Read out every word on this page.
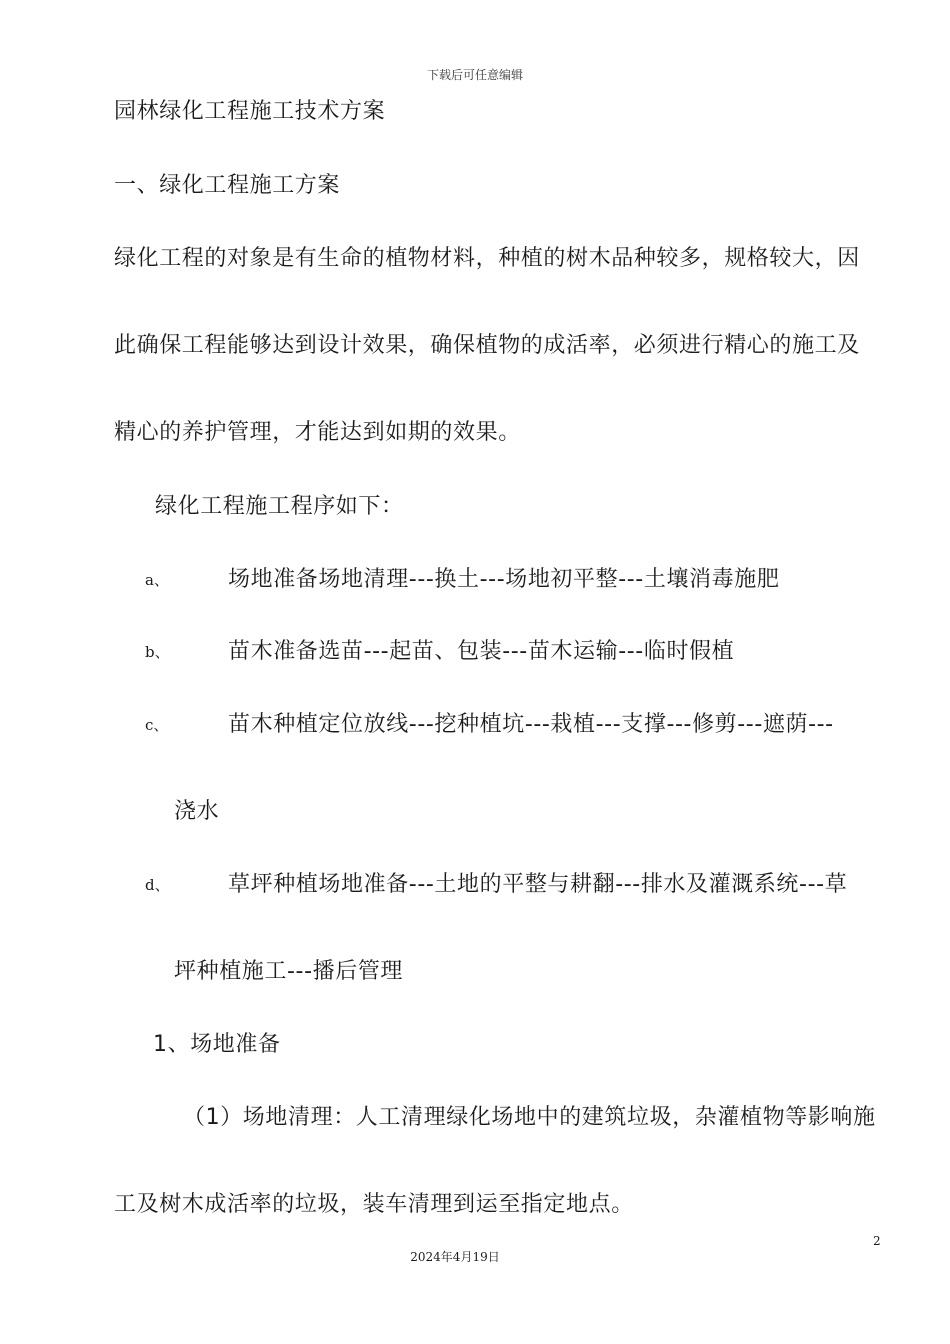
下载后可任意编辑
园林绿化工程施工技术方案
一、绿化工程施工方案
绿化工程的对象是有生命的植物材料，种植的树木品种较多，规格较大，因
此确保工程能够达到设计效果，确保植物的成活率，必须进行精心的施工及
精心的养护管理，才能达到如期的效果。
绿化工程施工程序如下：
a、	场地准备场地清理---换土---场地初平整---土壤消毒施肥
b、	苗木准备选苗---起苗、包装---苗木运输---临时假植
c、	苗木种植定位放线---挖种植坑---栽植---支撑---修剪---遮荫---
浇水
d、	草坪种植场地准备---土地的平整与耕翻---排水及灌溉系统---草
坪种植施工---播后管理
1、场地准备
（1）场地清理：人工清理绿化场地中的建筑垃圾，杂灌植物等影响施
工及树木成活率的垃圾，装车清理到运至指定地点。
2
2024年4月19日
